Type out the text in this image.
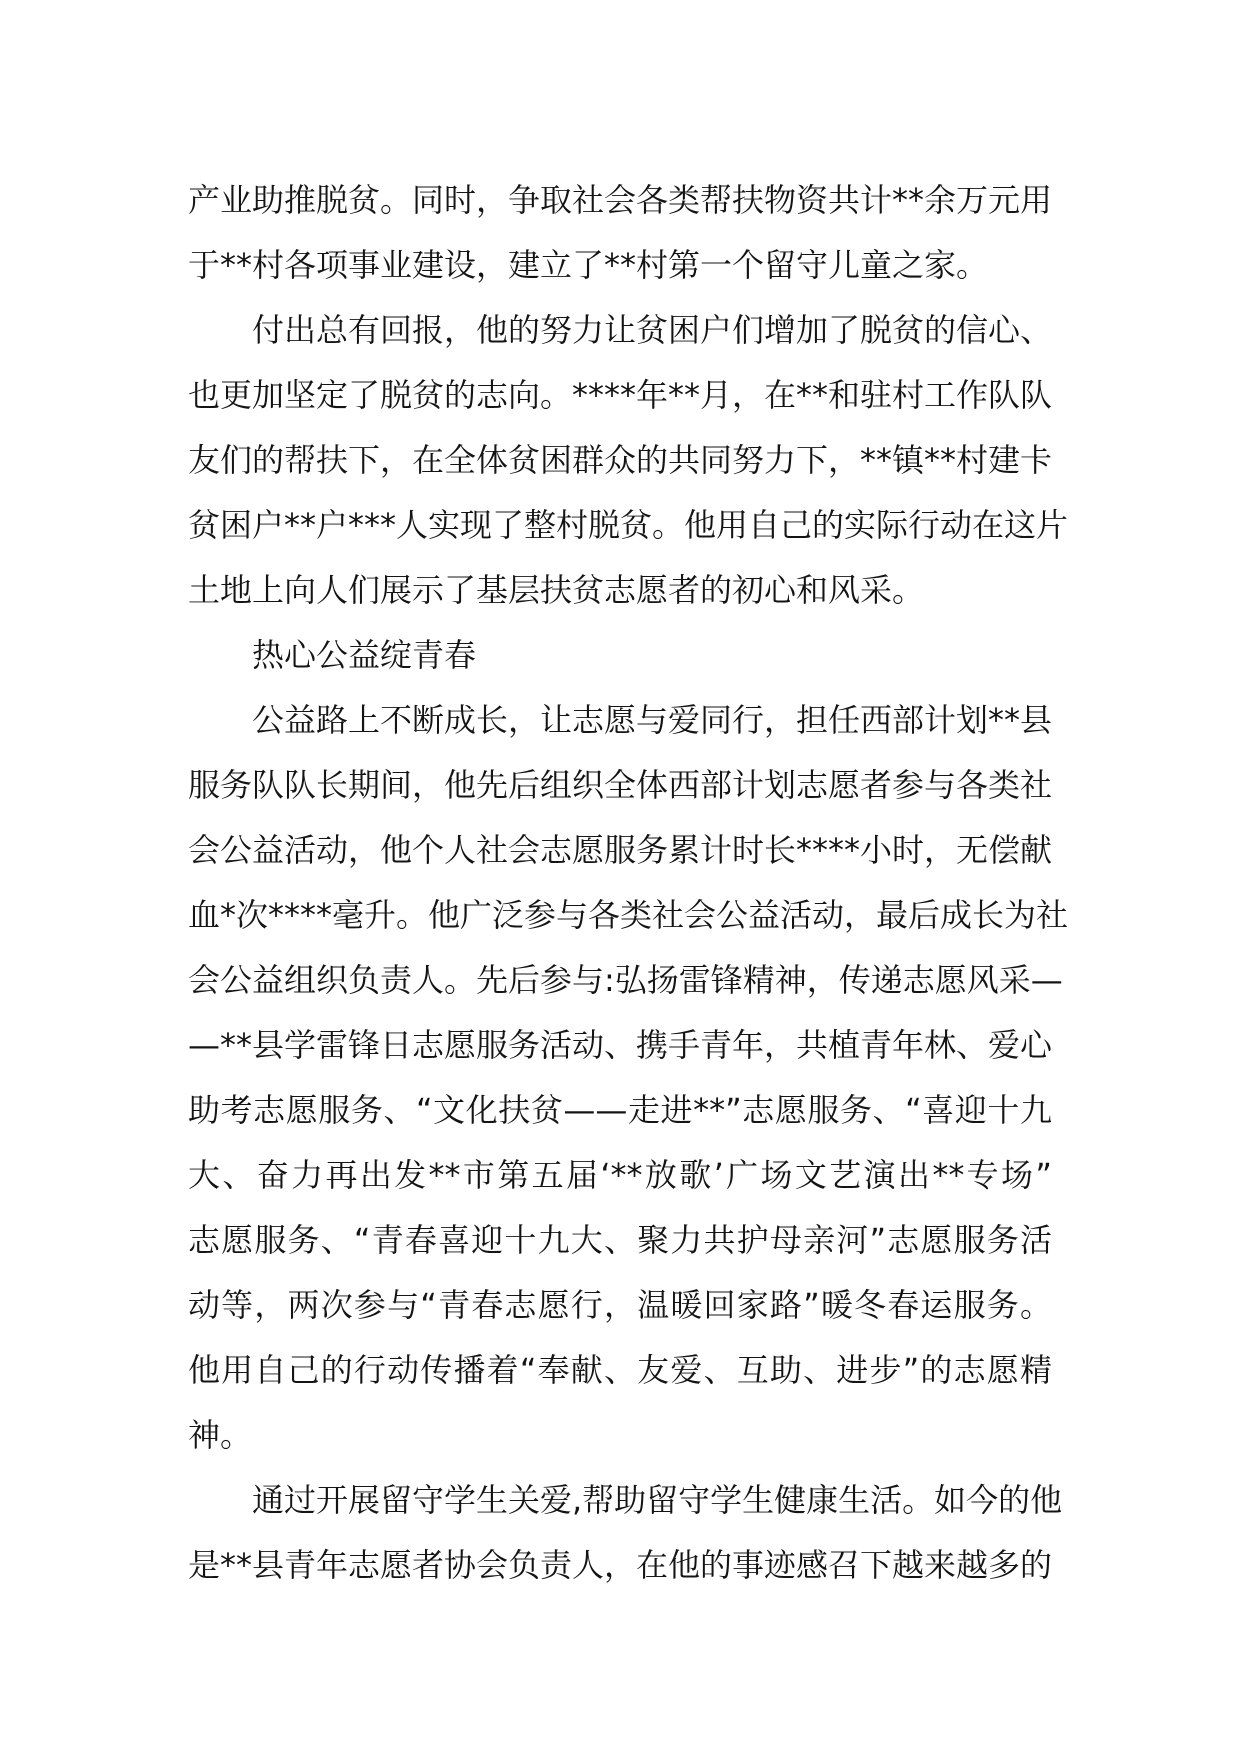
产业助推脱贫。同时，争取社会各类帮扶物资共计**余万元用
于**村各项事业建设，建立了**村第一个留守儿童之家。
付出总有回报，他的努力让贫困户们增加了脱贫的信心、
也更加坚定了脱贫的志向。****年**月，在**和驻村工作队队
友们的帮扶下，在全体贫困群众的共同努力下，**镇**村建卡
贫困户**户***人实现了整村脱贫。他用自己的实际行动在这片
土地上向人们展示了基层扶贫志愿者的初心和风采。
热心公益绽青春
公益路上不断成长，让志愿与爱同行，担任西部计划**县
服务队队长期间，他先后组织全体西部计划志愿者参与各类社
会公益活动，他个人社会志愿服务累计时长****小时，无偿献
血*次****毫升。他广泛参与各类社会公益活动，最后成长为社
会公益组织负责人。先后参与:弘扬雷锋精神，传递志愿风采—
—**县学雷锋日志愿服务活动、携手青年，共植青年林、爱心
助考志愿服务、“文化扶贫——走进**”志愿服务、“喜迎十九
大、奋力再出发**市第五届‘**放歌’广场文艺演出**专场”
志愿服务、“青春喜迎十九大、聚力共护母亲河”志愿服务活
动等，两次参与“青春志愿行，温暖回家路”暖冬春运服务。
他用自己的行动传播着“奉献、友爱、互助、进步”的志愿精
神。
通过开展留守学生关爱,帮助留守学生健康生活。如今的他
是**县青年志愿者协会负责人，在他的事迹感召下越来越多的
